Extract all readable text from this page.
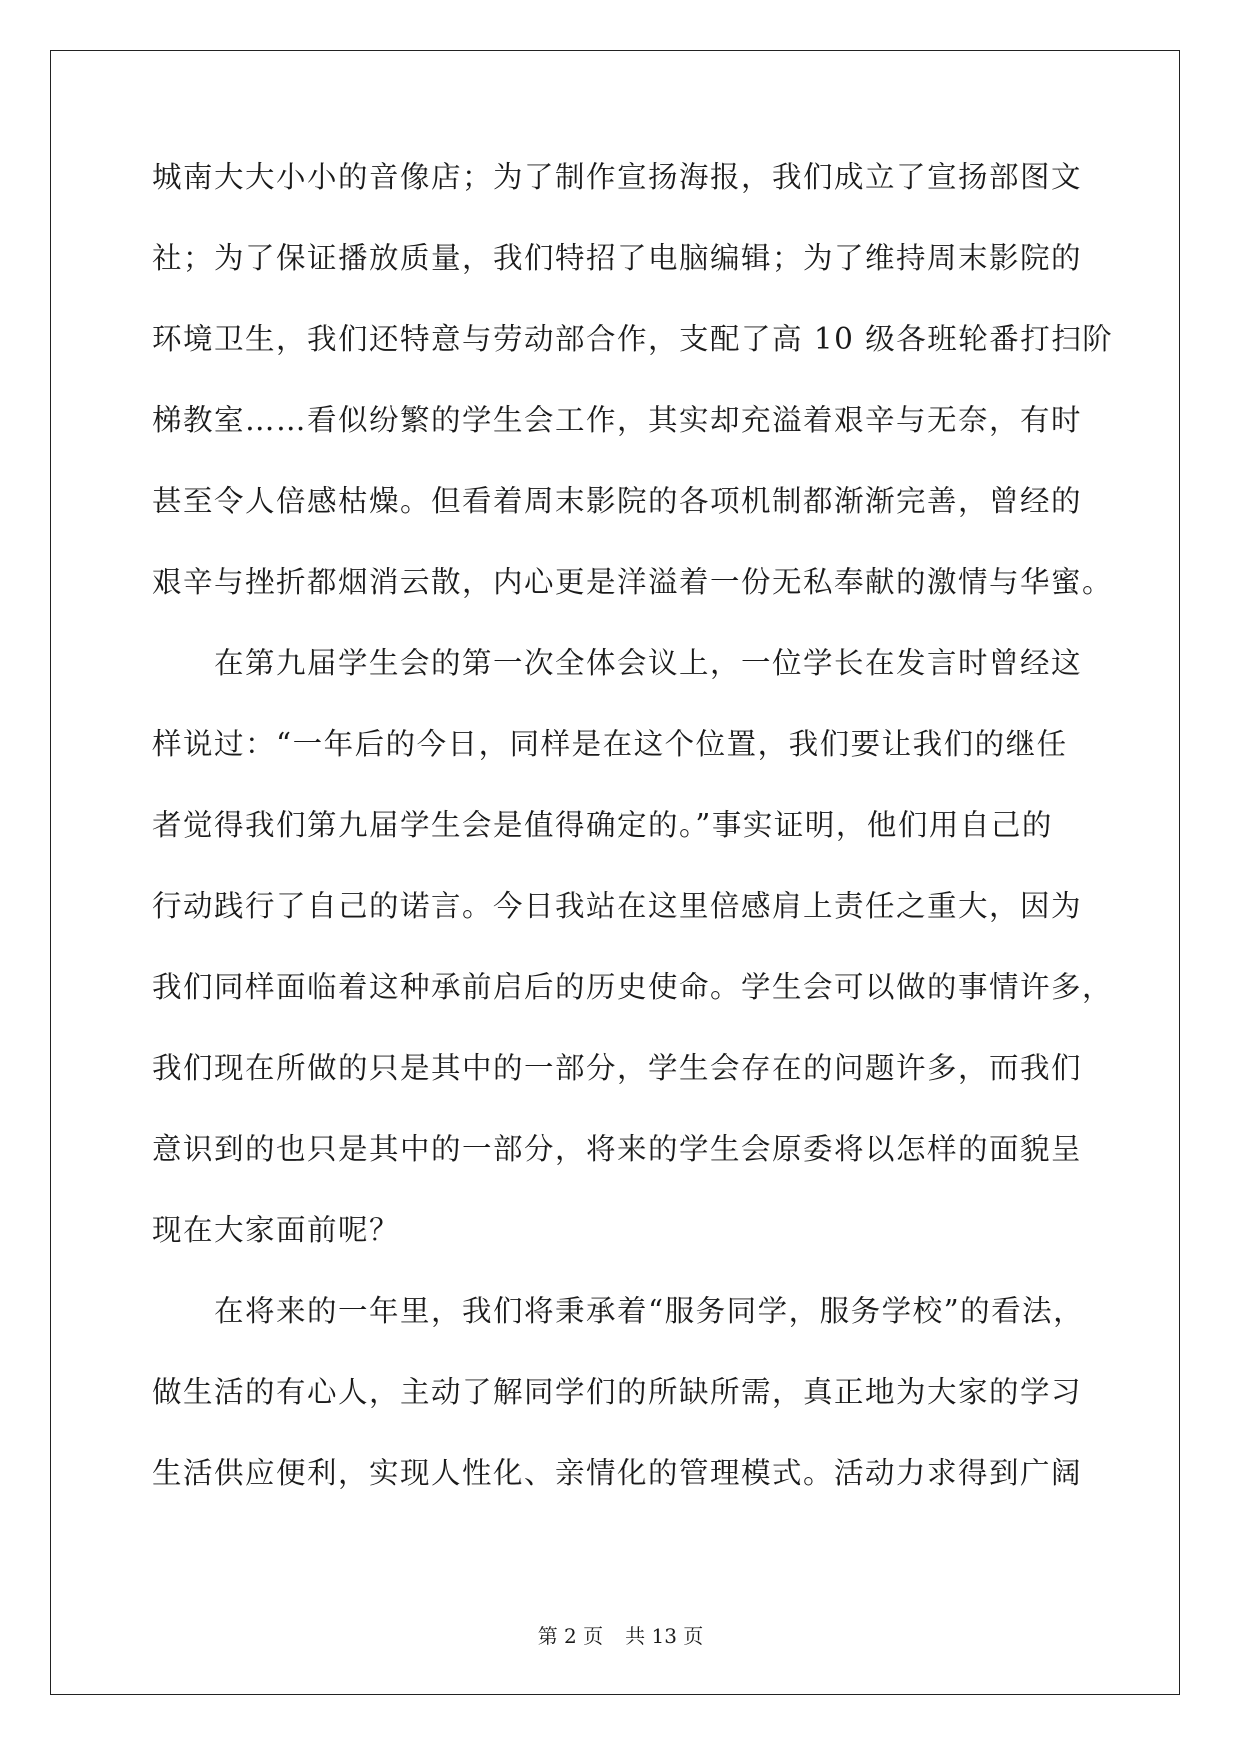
城南大大小小的音像店；为了制作宣扬海报，我们成立了宣扬部图文
社；为了保证播放质量，我们特招了电脑编辑；为了维持周末影院的
环境卫生，我们还特意与劳动部合作，支配了高 10 级各班轮番打扫阶
梯教室……看似纷繁的学生会工作，其实却充溢着艰辛与无奈，有时
甚至令人倍感枯燥。但看着周末影院的各项机制都渐渐完善，曾经的
艰辛与挫折都烟消云散，内心更是洋溢着一份无私奉献的激情与华蜜。
在第九届学生会的第一次全体会议上，一位学长在发言时曾经这
样说过：“一年后的今日，同样是在这个位置，我们要让我们的继任
者觉得我们第九届学生会是值得确定的。”事实证明，他们用自己的
行动践行了自己的诺言。今日我站在这里倍感肩上责任之重大，因为
我们同样面临着这种承前启后的历史使命。学生会可以做的事情许多，
我们现在所做的只是其中的一部分，学生会存在的问题许多，而我们
意识到的也只是其中的一部分，将来的学生会原委将以怎样的面貌呈
现在大家面前呢？
在将来的一年里，我们将秉承着“服务同学，服务学校”的看法，
做生活的有心人，主动了解同学们的所缺所需，真正地为大家的学习
生活供应便利，实现人性化、亲情化的管理模式。活动力求得到广阔
第 2 页 共 13 页
